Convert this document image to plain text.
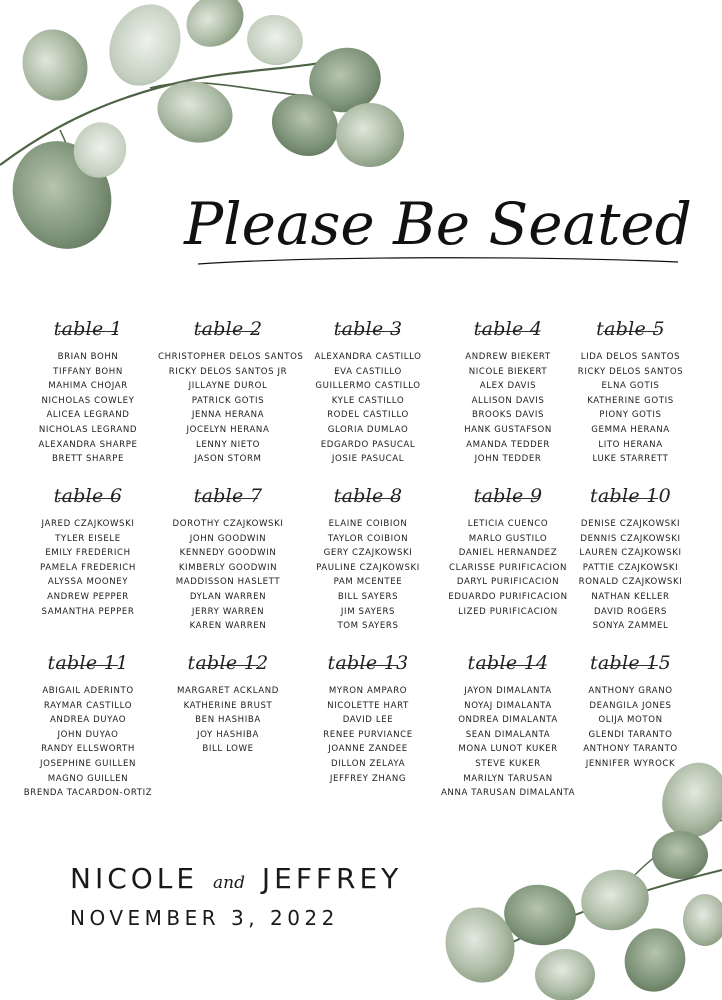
Please Be Seated
table 1
BRIAN BOHN
TIFFANY BOHN
MAHIMA CHOJAR
NICHOLAS COWLEY
ALICEA LEGRAND
NICHOLAS LEGRAND
ALEXANDRA SHARPE
BRETT SHARPE
table 2
CHRISTOPHER DELOS SANTOS
RICKY DELOS SANTOS JR
JILLAYNE DUROL
PATRICK GOTIS
JENNA HERANA
JOCELYN HERANA
LENNY NIETO
JASON STORM
table 3
ALEXANDRA CASTILLO
EVA CASTILLO
GUILLERMO CASTILLO
KYLE CASTILLO
RODEL CASTILLO
GLORIA DUMLAO
EDGARDO PASUCAL
JOSIE PASUCAL
table 4
ANDREW BIEKERT
NICOLE BIEKERT
ALEX DAVIS
ALLISON DAVIS
BROOKS DAVIS
HANK GUSTAFSON
AMANDA TEDDER
JOHN TEDDER
table 5
LIDA DELOS SANTOS
RICKY DELOS SANTOS
ELNA GOTIS
KATHERINE GOTIS
PIONY GOTIS
GEMMA HERANA
LITO HERANA
LUKE STARRETT
table 6
JARED CZAJKOWSKI
TYLER EISELE
EMILY FREDERICH
PAMELA FREDERICH
ALYSSA MOONEY
ANDREW PEPPER
SAMANTHA PEPPER
table 7
DOROTHY CZAJKOWSKI
JOHN GOODWIN
KENNEDY GOODWIN
KIMBERLY GOODWIN
MADDISSON HASLETT
DYLAN WARREN
JERRY WARREN
KAREN WARREN
table 8
ELAINE COIBION
TAYLOR COIBION
GERY CZAJKOWSKI
PAULINE CZAJKOWSKI
PAM MCENTEE
BILL SAYERS
JIM SAYERS
TOM SAYERS
table 9
LETICIA CUENCO
MARLO GUSTILO
DANIEL HERNANDEZ
CLARISSE PURIFICACION
DARYL PURIFICACION
EDUARDO PURIFICACION
LIZED PURIFICACION
table 10
DENISE CZAJKOWSKI
DENNIS CZAJKOWSKI
LAUREN CZAJKOWSKI
PATTIE CZAJKOWSKI
RONALD CZAJKOWSKI
NATHAN KELLER
DAVID ROGERS
SONYA ZAMMEL
table 11
ABIGAIL ADERINTO
RAYMAR CASTILLO
ANDREA DUYAO
JOHN DUYAO
RANDY ELLSWORTH
JOSEPHINE GUILLEN
MAGNO GUILLEN
BRENDA TACARDON-ORTIZ
table 12
MARGARET ACKLAND
KATHERINE BRUST
BEN HASHIBA
JOY HASHIBA
BILL LOWE
table 13
MYRON AMPARO
NICOLETTE HART
DAVID LEE
RENEE PURVIANCE
JOANNE ZANDEE
DILLON ZELAYA
JEFFREY ZHANG
table 14
JAYON DIMALANTA
NOYAJ DIMALANTA
ONDREA DIMALANTA
SEAN DIMALANTA
MONA LUNOT KUKER
STEVE KUKER
MARILYN TARUSAN
ANNA TARUSAN DIMALANTA
table 15
ANTHONY GRANO
DEANGILA JONES
OLIJA MOTON
GLENDI TARANTO
ANTHONY TARANTO
JENNIFER WYROCK
NICOLE and JEFFREY
NOVEMBER 3, 2022
